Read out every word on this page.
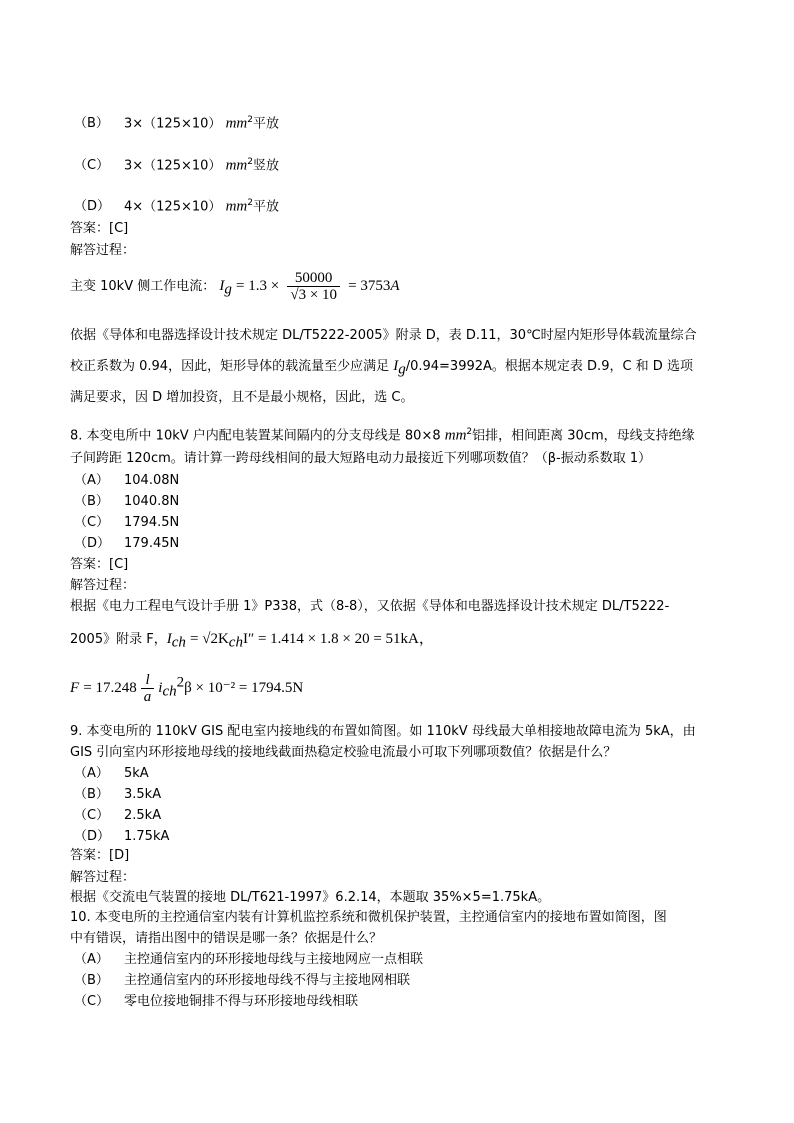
（B） 3×（125×10） $mm^2$平放
（C） 3×（125×10） $mm^2$竖放
（D） 4×（125×10） $mm^2$平放
答案：[C]
解答过程：
主变 10kV 侧工作电流： $I_g = 1.3 \times \frac{50000}{√3 \times 10} = 3753A$
依据《导体和电器选择设计技术规定 DL/T5222-2005》附录 D，表 D.11，30℃时屋内矩形导体载流量综合
校正系数为 0.94，因此，矩形导体的载流量至少应满足 $I_g/0.94=3992A$。根据本规定表 D.9，C 和 D 选项
满足要求，因 D 增加投资，且不是最小规格，因此，选 C。
8. 本变电所中 10kV 户内配电装置某间隔内的分支母线是 80×8 $mm^2$铝排，相间距离 30cm，母线支持绝缘
子间跨距 120cm。请计算一跨母线相间的最大短路电动力最接近下列哪项数值？（β-振动系数取 1）
（A） 104.08N
（B） 1040.8N
（C） 1794.5N
（D） 179.45N
答案：[C]
解答过程：
根据《电力工程电气设计手册 1》P338，式（8-8），又依据《导体和电器选择设计技术规定 DL/T5222-
2005》附录 F，$I_{ch} = √2K_{ch}I'' = 1.414 \times 1.8 \times 20 = 51kA$，
$F = 17.248 \frac{l}{a} i_{ch}^2\beta \times 10^{-2} = 1794.5N$
9. 本变电所的 110kV GIS 配电室内接地线的布置如简图。如 110kV 母线最大单相接地故障电流为 5kA，由
GIS 引向室内环形接地母线的接地线截面热稳定校验电流最小可取下列哪项数值？依据是什么？
（A） 5kA
（B） 3.5kA
（C） 2.5kA
（D） 1.75kA
答案：[D]
解答过程：
根据《交流电气装置的接地 DL/T621-1997》6.2.14，本题取 35%×5=1.75kA。
10. 本变电所的主控通信室内装有计算机监控系统和微机保护装置，主控通信室内的接地布置如简图，图
中有错误，请指出图中的错误是哪一条？依据是什么？
（A） 主控通信室内的环形接地母线与主接地网应一点相联
（B） 主控通信室内的环形接地母线不得与主接地网相联
（C） 零电位接地铜排不得与环形接地母线相联
